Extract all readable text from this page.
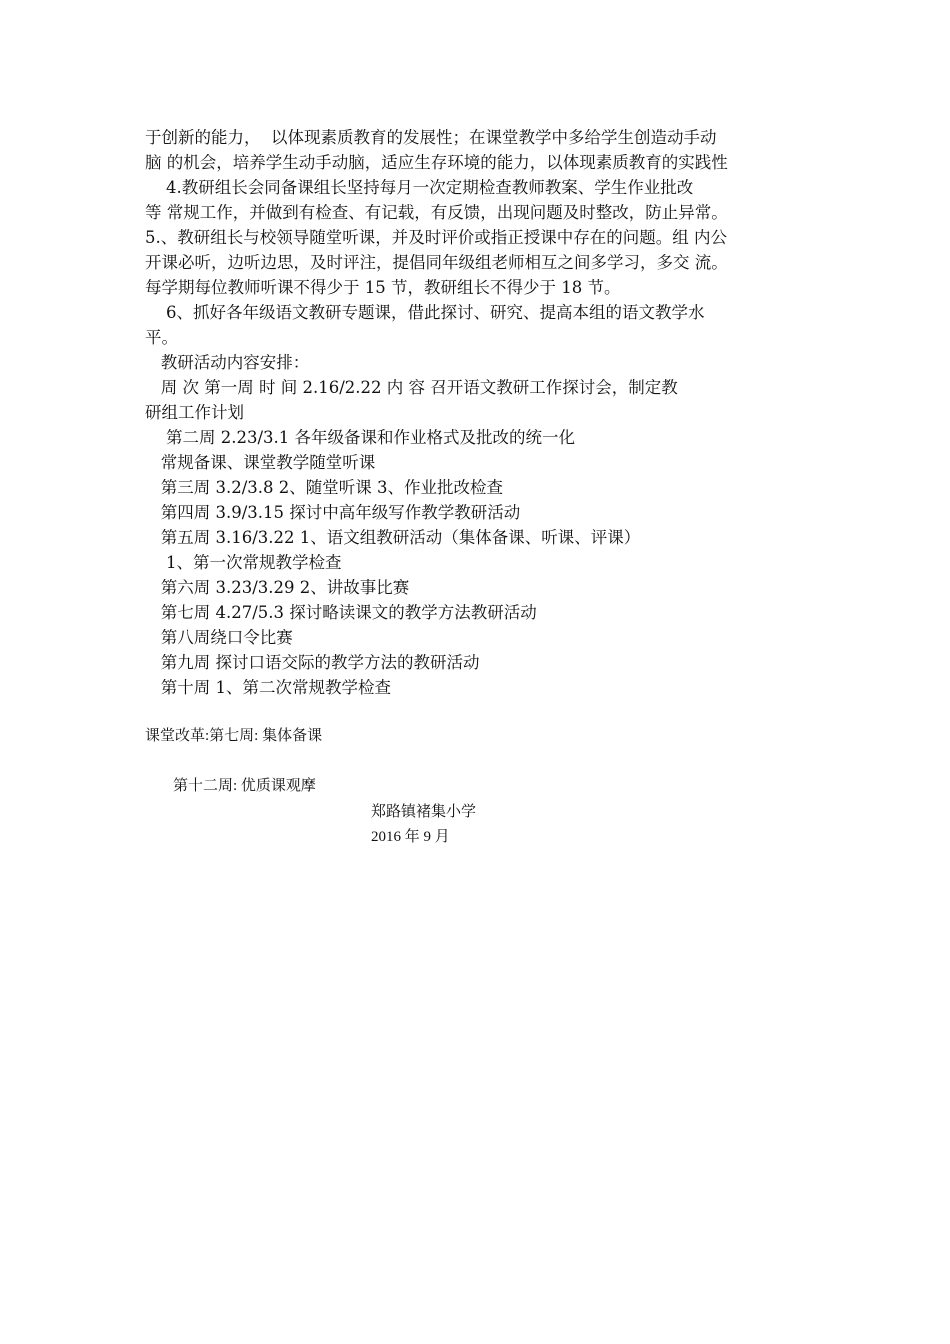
于创新的能力，  以体现素质教育的发展性；在课堂教学中多给学生创造动手动
脑 的机会，培养学生动手动脑，适应生存环境的能力，以体现素质教育的实践性
4.教研组长会同备课组长坚持每月一次定期检查教师教案、学生作业批改
等 常规工作，并做到有检查、有记载，有反馈，出现问题及时整改，防止异常。
5.、教研组长与校领导随堂听课，并及时评价或指正授课中存在的问题。组 内公
开课必听，边听边思，及时评注，提倡同年级组老师相互之间多学习，多交 流。
每学期每位教师听课不得少于 15 节，教研组长不得少于 18 节。
6、抓好各年级语文教研专题课，借此探讨、研究、提高本组的语文教学水
平。
教研活动内容安排：
周 次 第一周 时 间 2.16/2.22 内 容 召开语文教研工作探讨会，制定教
研组工作计划
第二周 2.23/3.1 各年级备课和作业格式及批改的统一化
常规备课、课堂教学随堂听课
第三周 3.2/3.8 2、随堂听课 3、作业批改检查
第四周 3.9/3.15 探讨中高年级写作教学教研活动
第五周 3.16/3.22 1、语文组教研活动（集体备课、听课、评课）
1、第一次常规教学检查
第六周 3.23/3.29 2、讲故事比赛
第七周 4.27/5.3 探讨略读课文的教学方法教研活动
第八周绕口令比赛
第九周 探讨口语交际的教学方法的教研活动
第十周 1、第二次常规教学检查
课堂改革:第七周: 集体备课
第十二周: 优质课观摩
郑路镇褚集小学
2016 年 9 月
